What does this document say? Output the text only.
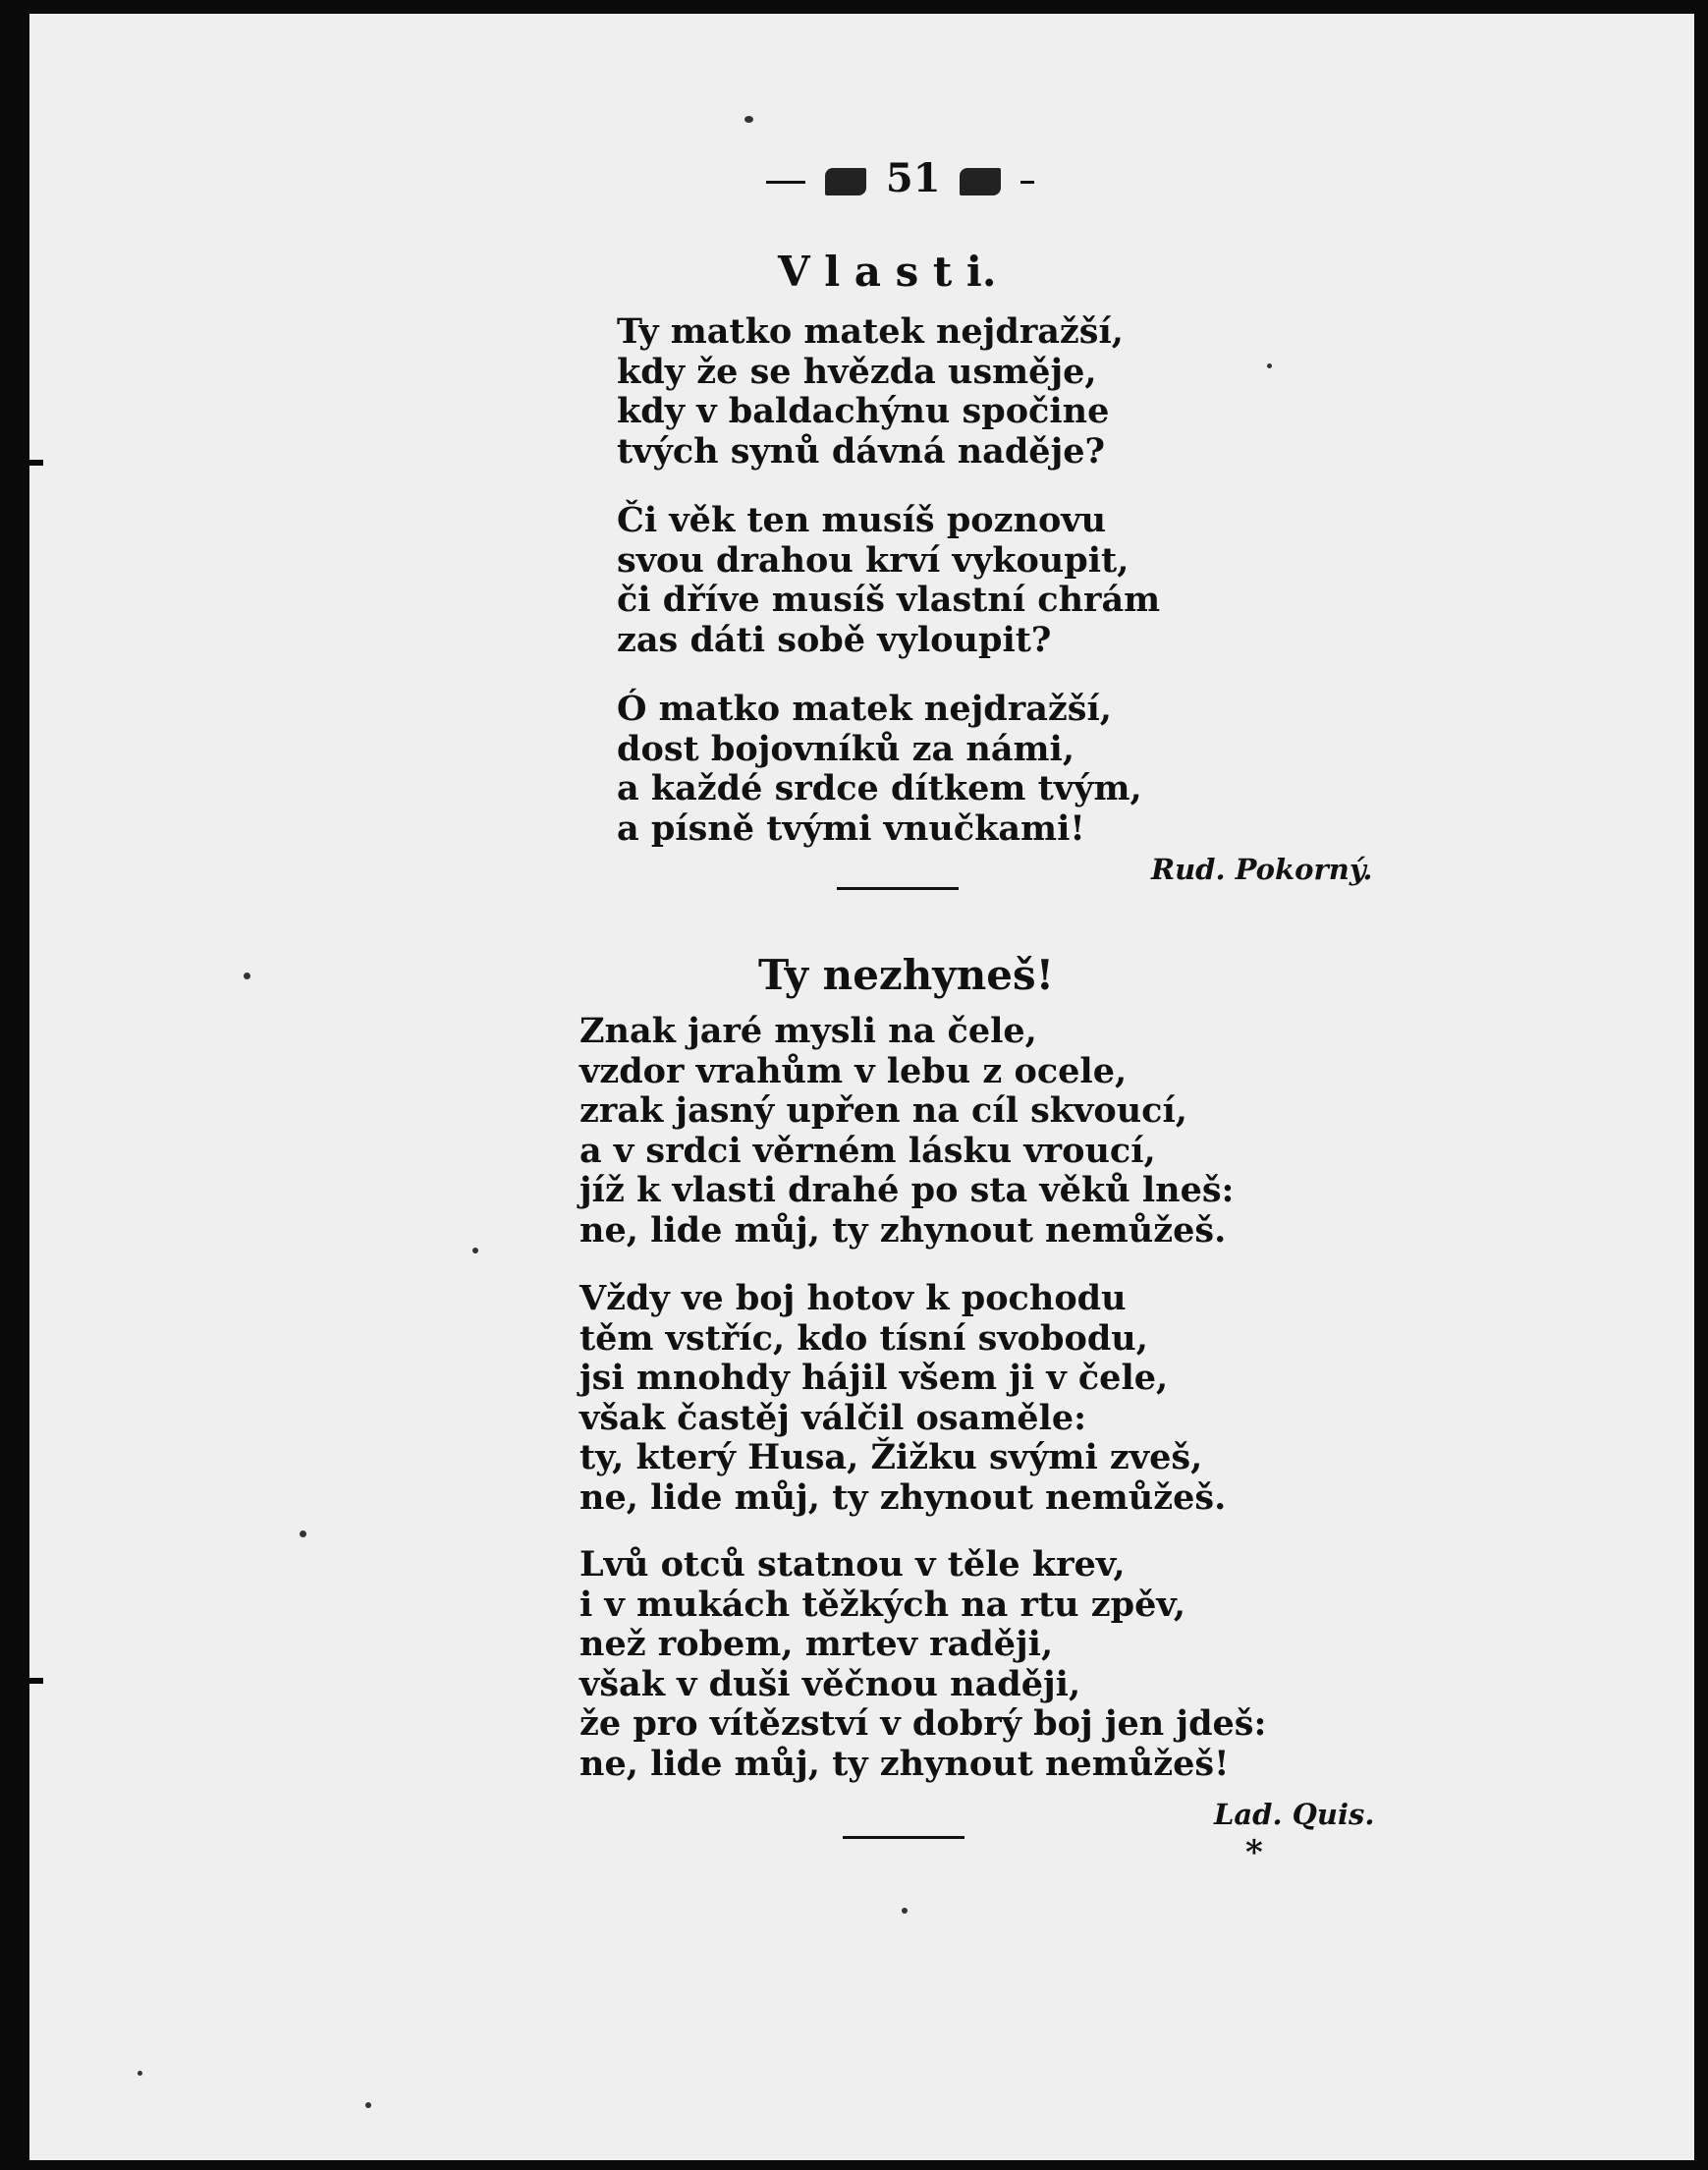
51
V l a s t i.
Ty matko matek nejdražší,
kdy že se hvězda usměje,
kdy v baldachýnu spočine
tvých synů dávná naděje?
Či věk ten musíš poznovu
svou drahou krví vykoupit,
či dříve musíš vlastní chrám
zas dáti sobě vyloupit?
Ó matko matek nejdražší,
dost bojovníků za námi,
a každé srdce dítkem tvým,
a písně tvými vnučkami!
Rud. Pokorný.
Ty nezhyneš!
Znak jaré mysli na čele,
vzdor vrahům v lebu z ocele,
zrak jasný upřen na cíl skvoucí,
a v srdci věrném lásku vroucí,
jíž k vlasti drahé po sta věků lneš:
ne, lide můj, ty zhynout nemůžeš.
Vždy ve boj hotov k pochodu
těm vstříc, kdo tísní svobodu,
jsi mnohdy hájil všem ji v čele,
však častěj válčil osaměle:
ty, který Husa, Žižku svými zveš,
ne, lide můj, ty zhynout nemůžeš.
Lvů otců statnou v těle krev,
i v mukách těžkých na rtu zpěv,
než robem, mrtev raději,
však v duši věčnou naději,
že pro vítězství v dobrý boj jen jdeš:
ne, lide můj, ty zhynout nemůžeš!
Lad. Quis.
*
